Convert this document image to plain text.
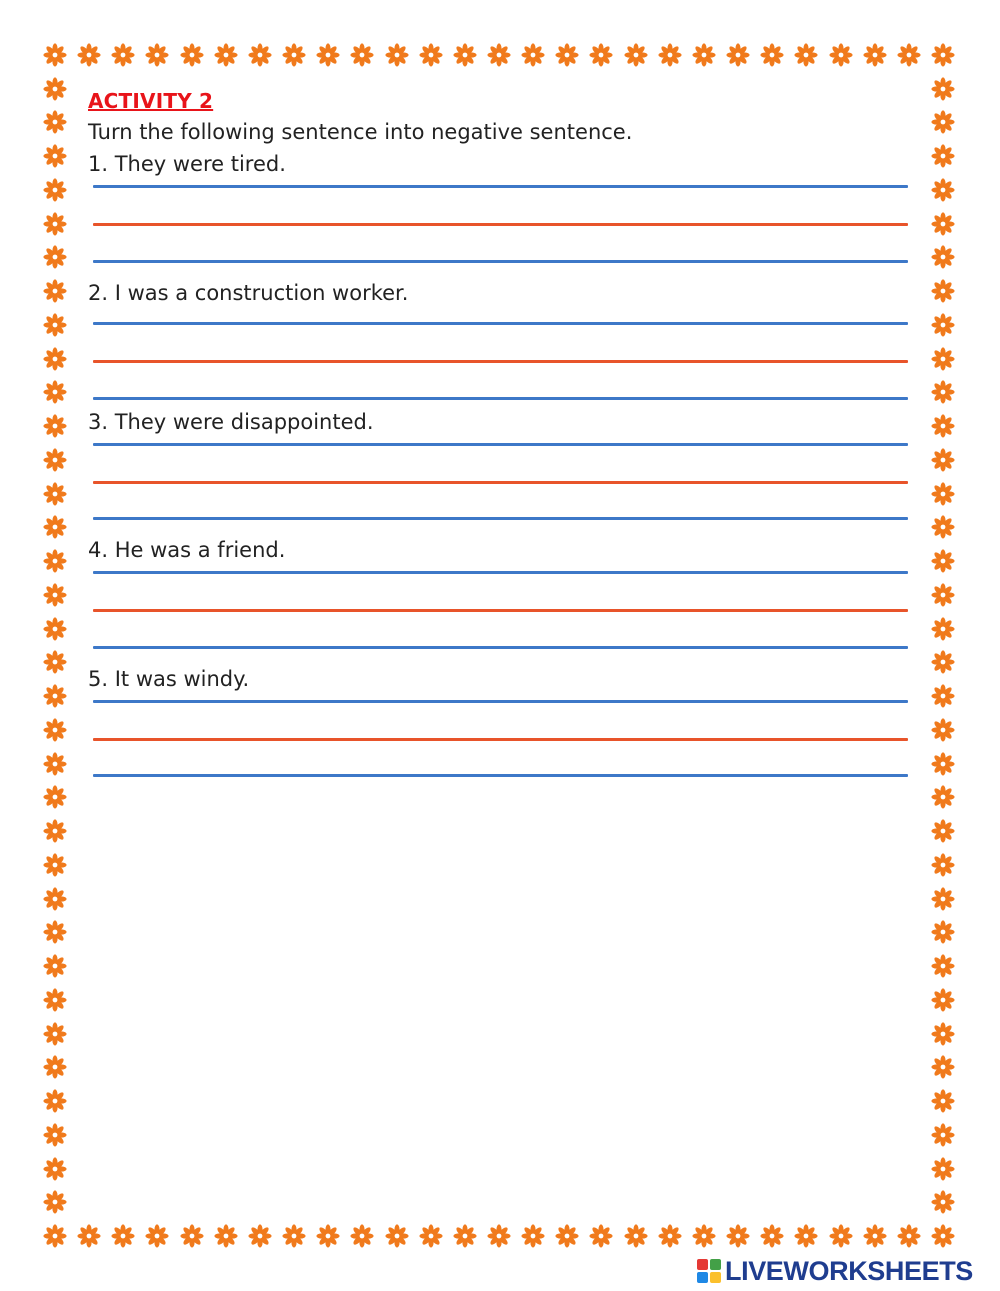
ACTIVITY 2
Turn the following sentence into negative sentence.
1. They were tired.
2. I was a construction worker.
3. They were disappointed.
4. He was a friend.
5. It was windy.
LIVEWORKSHEETS
